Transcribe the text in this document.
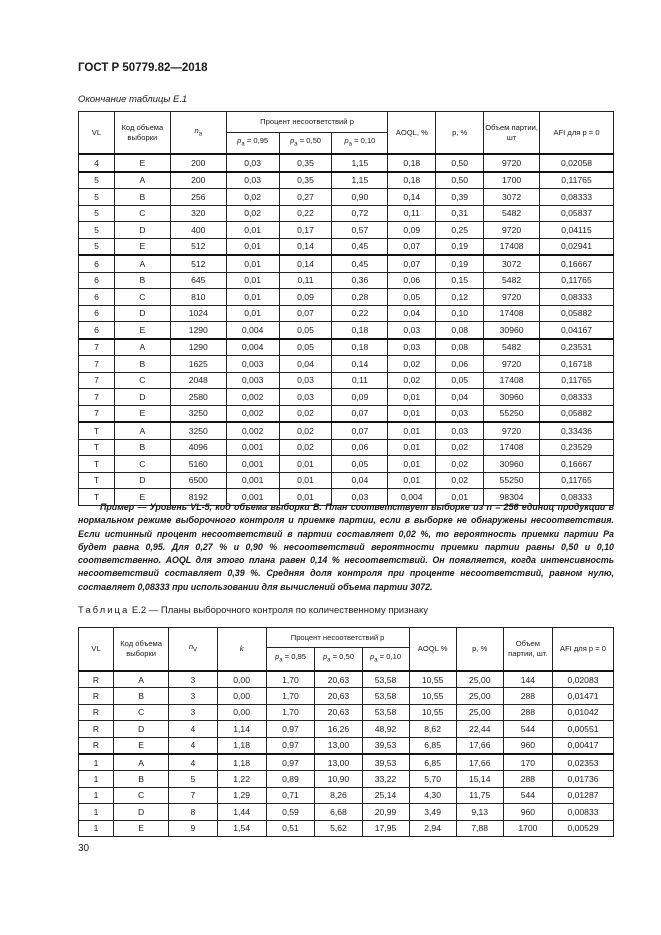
ГОСТ Р 50779.82—2018
Окончание таблицы Е.1
VL	Код объема выборки	$n_a$	Процент несоответствий p			AOQL, %	p, %	Объем партии, шт	AFI для p = 0
			$p_a = 0,95$	$p_a = 0,50$	$p_a = 0,10$				
4	E	200	0,03	0,35	1,15	0,18	0,50	9720	0,02058
5	A	200	0,03	0,35	1,15	0,18	0,50	1700	0,11765
5	B	256	0,02	0,27	0,90	0,14	0,39	3072	0,08333
5	C	320	0,02	0,22	0,72	0,11	0,31	5482	0,05837
5	D	400	0,01	0,17	0,57	0,09	0,25	9720	0,04115
5	E	512	0,01	0,14	0,45	0,07	0,19	17408	0,02941
6	A	512	0,01	0,14	0,45	0,07	0,19	3072	0,16667
6	B	645	0,01	0,11	0,36	0,06	0,15	5482	0,11765
6	C	810	0,01	0,09	0,28	0,05	0,12	9720	0,08333
6	D	1024	0,01	0,07	0,22	0,04	0,10	17408	0,05882
6	E	1290	0,004	0,05	0,18	0,03	0,08	30960	0,04167
7	A	1290	0,004	0,05	0,18	0,03	0,08	5482	0,23531
7	B	1625	0,003	0,04	0,14	0,02	0,06	9720	0,16718
7	C	2048	0,003	0,03	0,11	0,02	0,05	17408	0,11765
7	D	2580	0,002	0,03	0,09	0,01	0,04	30960	0,08333
7	E	3250	0,002	0,02	0,07	0,01	0,03	55250	0,05882
T	A	3250	0,002	0,02	0,07	0,01	0,03	9720	0,33436
T	B	4096	0,001	0,02	0,06	0,01	0,02	17408	0,23529
T	C	5160	0,001	0,01	0,05	0,01	0,02	30960	0,16667
T	D	6500	0,001	0,01	0,04	0,01	0,02	55250	0,11765
T	E	8192	0,001	0,01	0,03	0,004	0,01	98304	0,08333

Пример — Уровень VL-5, код объема выборки B. План соответствует выборке из n = 256 единиц продукции в нормальном режиме выборочного контроля и приемке партии, если в выборке не обнаружены несоответствия. Если истинный процент несоответствий в партии составляет 0,02 %, то вероятность приемки партии Pa будет равна 0,95. Для 0,27 % и 0,90 % несоответствий вероятности приемки партии равны 0,50 и 0,10 соответственно. AOQL для этого плана равен 0,14 % несоответствий. Он появляется, когда интенсивность несоответствий составляет 0,39 %. Средняя доля контроля при проценте несоответствий, равном нулю, составляет 0,08333 при использовании для вычислений объема партии 3072.

Таблица Е.2 — Планы выборочного контроля по количественному признаку
VL	Код объема выборки	$n_V$	k	Процент несоответствий p			AOQL %	p, %	Объем партии, шт.	AFI для p = 0
				$p_a = 0,95$	$p_a = 0,50$	$p_a = 0,10$				
R	A	3	0,00	1,70	20,63	53,58	10,55	25,00	144	0,02083
R	B	3	0,00	1,70	20,63	53,58	10,55	25,00	288	0,01471
R	C	3	0,00	1,70	20,63	53,58	10,55	25,00	288	0,01042
R	D	4	1,14	0,97	16,26	48,92	8,62	22,44	544	0,00551
R	E	4	1,18	0,97	13,00	39,53	6,85	17,66	960	0,00417
1	A	4	1,18	0,97	13,00	39,53	6,85	17,66	170	0,02353
1	B	5	1,22	0,89	10,90	33,22	5,70	15,14	288	0,01736
1	C	7	1,29	0,71	8,26	25,14	4,30	11,75	544	0,01287
1	D	8	1,44	0,59	6,68	20,99	3,49	9,13	960	0,00833
1	E	9	1,54	0,51	5,62	17,95	2,94	7,88	1700	0,00529
30
